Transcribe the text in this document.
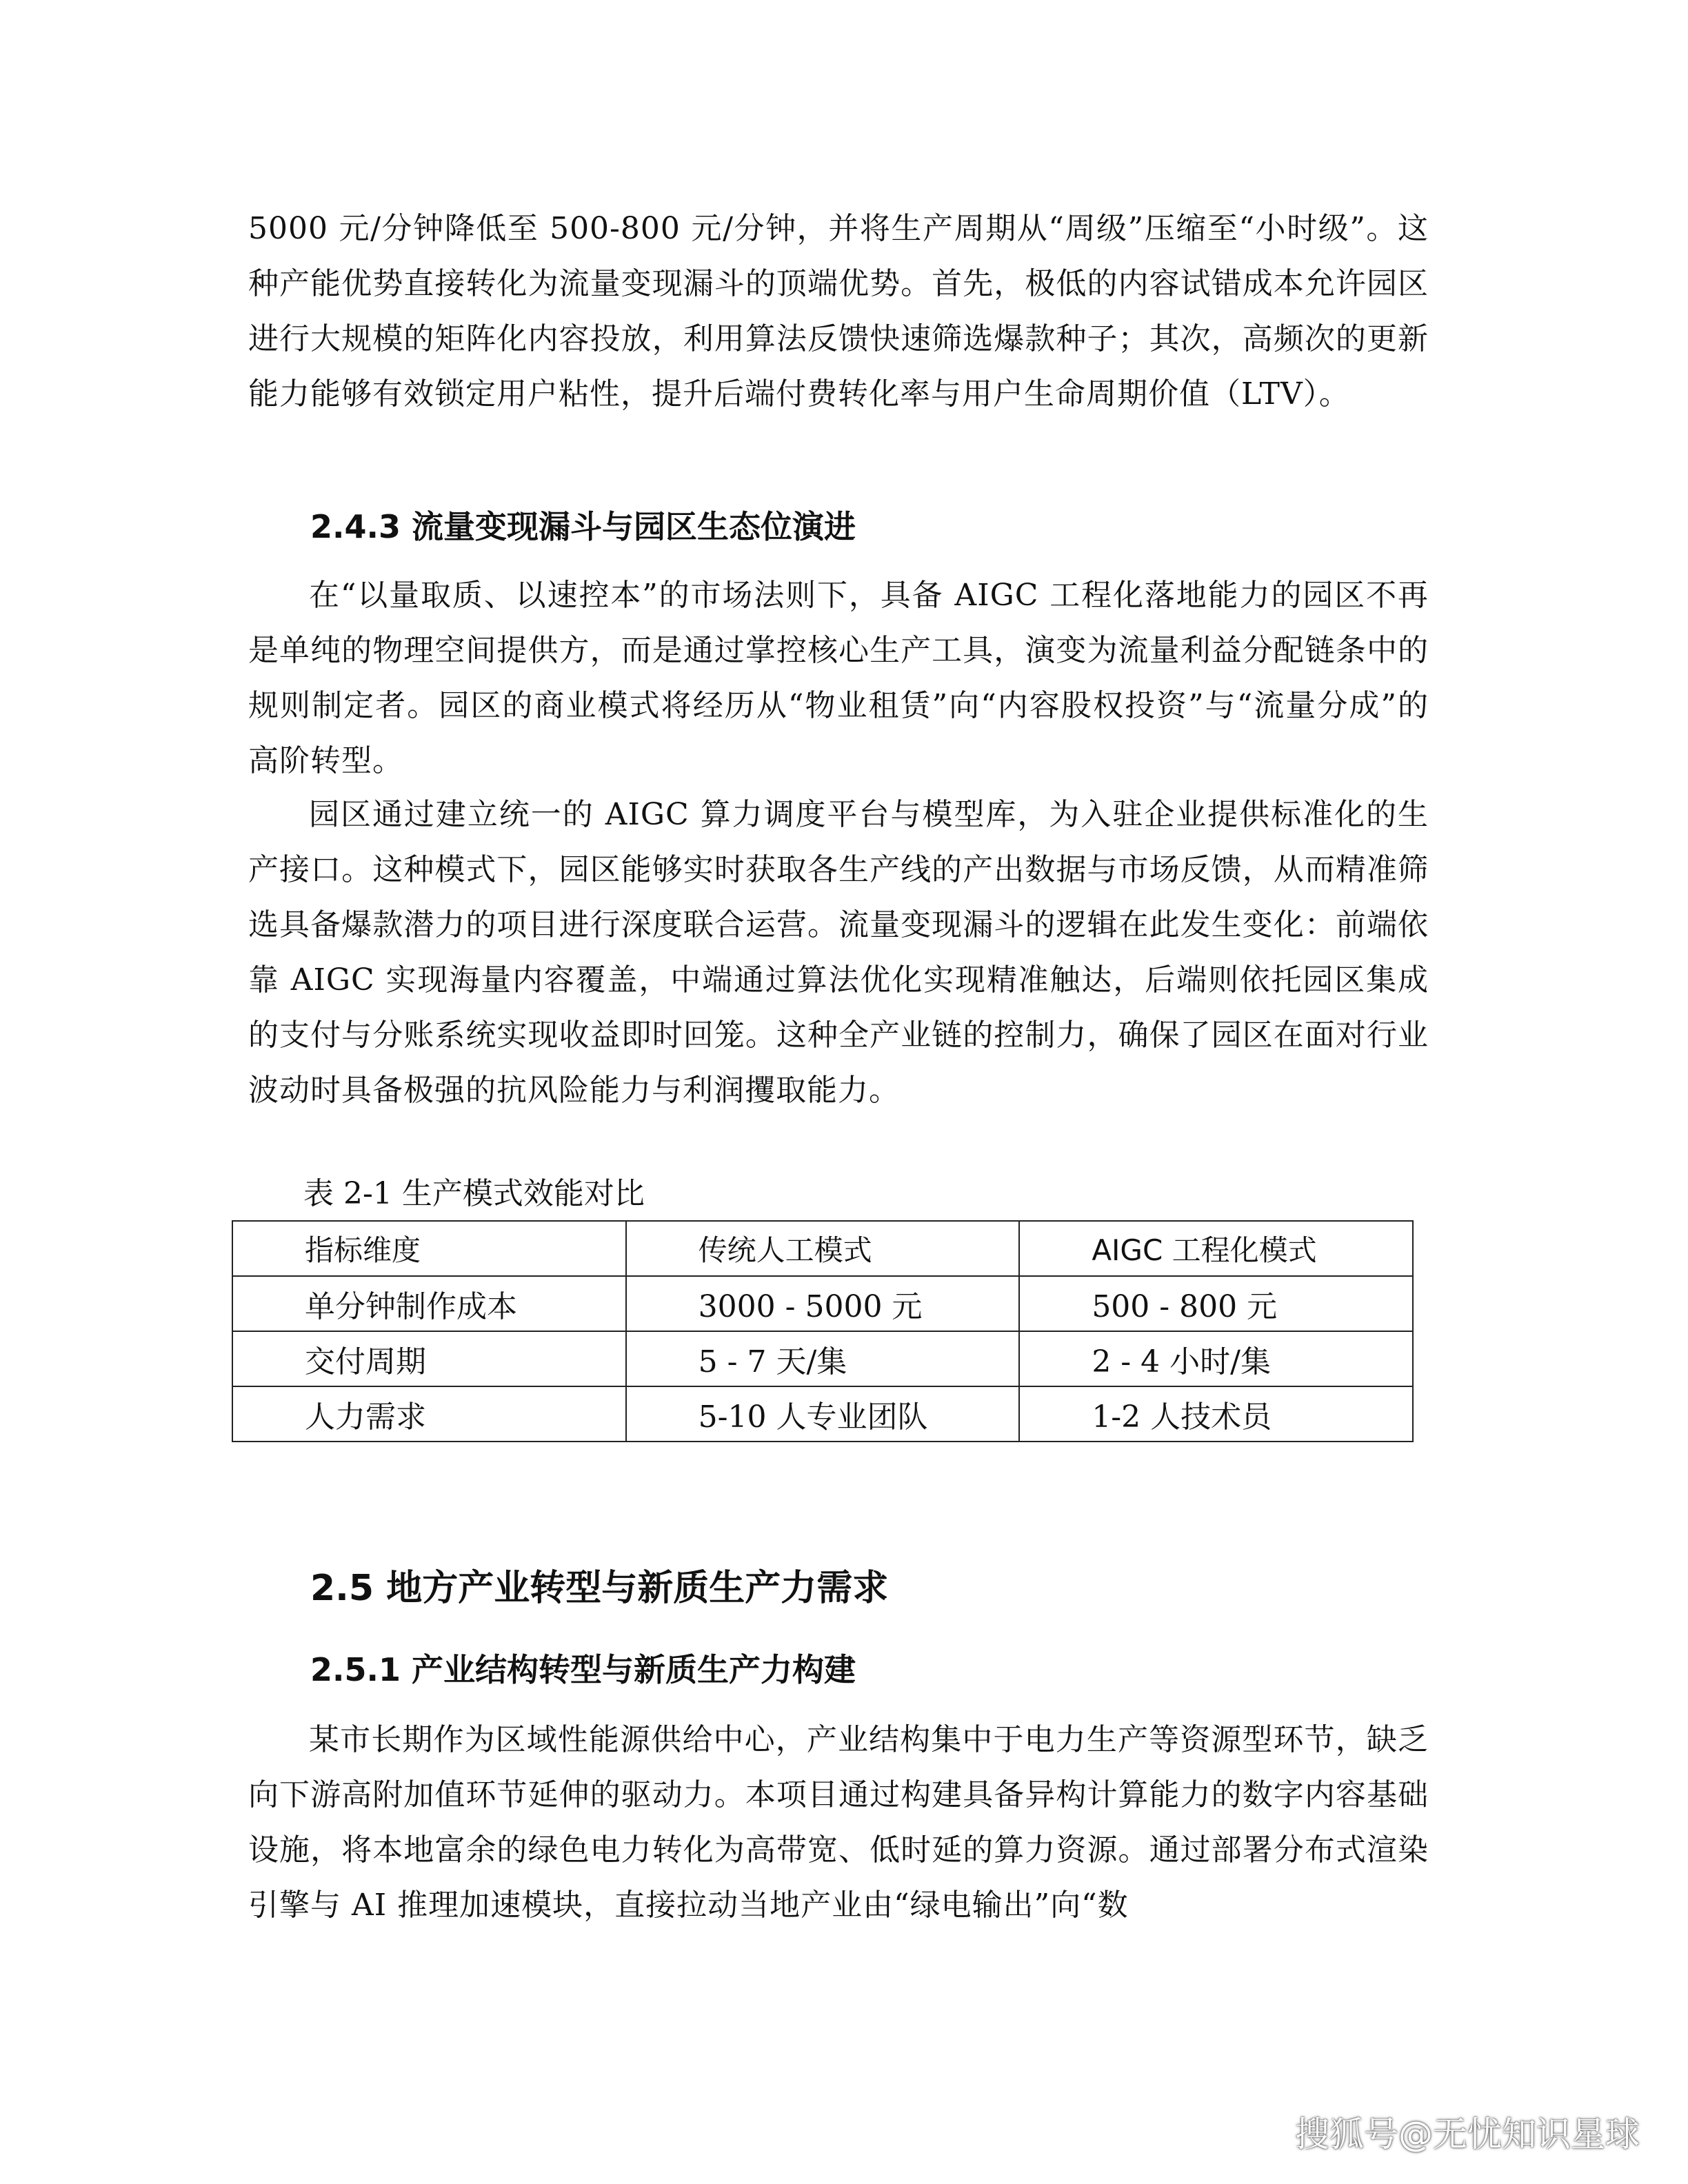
5000 元/分钟降低至 500-800 元/分钟，并将生产周期从“周级”压缩至“小时级”。这种产能优势直接转化为流量变现漏斗的顶端优势。首先，极低的内容试错成本允许园区进行大规模的矩阵化内容投放，利用算法反馈快速筛选爆款种子；其次，高频次的更新能力能够有效锁定用户粘性，提升后端付费转化率与用户生命周期价值（LTV）。

2.4.3 流量变现漏斗与园区生态位演进

在“以量取质、以速控本”的市场法则下，具备 AIGC 工程化落地能力的园区不再是单纯的物理空间提供方，而是通过掌控核心生产工具，演变为流量利益分配链条中的规则制定者。园区的商业模式将经历从“物业租赁”向“内容股权投资”与“流量分成”的高阶转型。

园区通过建立统一的 AIGC 算力调度平台与模型库，为入驻企业提供标准化的生产接口。这种模式下，园区能够实时获取各生产线的产出数据与市场反馈，从而精准筛选具备爆款潜力的项目进行深度联合运营。流量变现漏斗的逻辑在此发生变化：前端依靠 AIGC 实现海量内容覆盖，中端通过算法优化实现精准触达，后端则依托园区集成的支付与分账系统实现收益即时回笼。这种全产业链的控制力，确保了园区在面对行业波动时具备极强的抗风险能力与利润攫取能力。

表 2-1 生产模式效能对比

指标维度	传统人工模式	AIGC 工程化模式
单分钟制作成本	3000 - 5000 元	500 - 800 元
交付周期	5 - 7 天/集	2 - 4 小时/集
人力需求	5-10 人专业团队	1-2 人技术员
2.5 地方产业转型与新质生产力需求
2.5.1 产业结构转型与新质生产力构建

某市长期作为区域性能源供给中心，产业结构集中于电力生产等资源型环节，缺乏向下游高附加值环节延伸的驱动力。本项目通过构建具备异构计算能力的数字内容基础设施，将本地富余的绿色电力转化为高带宽、低时延的算力资源。通过部署分布式渲染引擎与 AI 推理加速模块，直接拉动当地产业由“绿电输出”向“数

搜狐号@无忧知识星球
